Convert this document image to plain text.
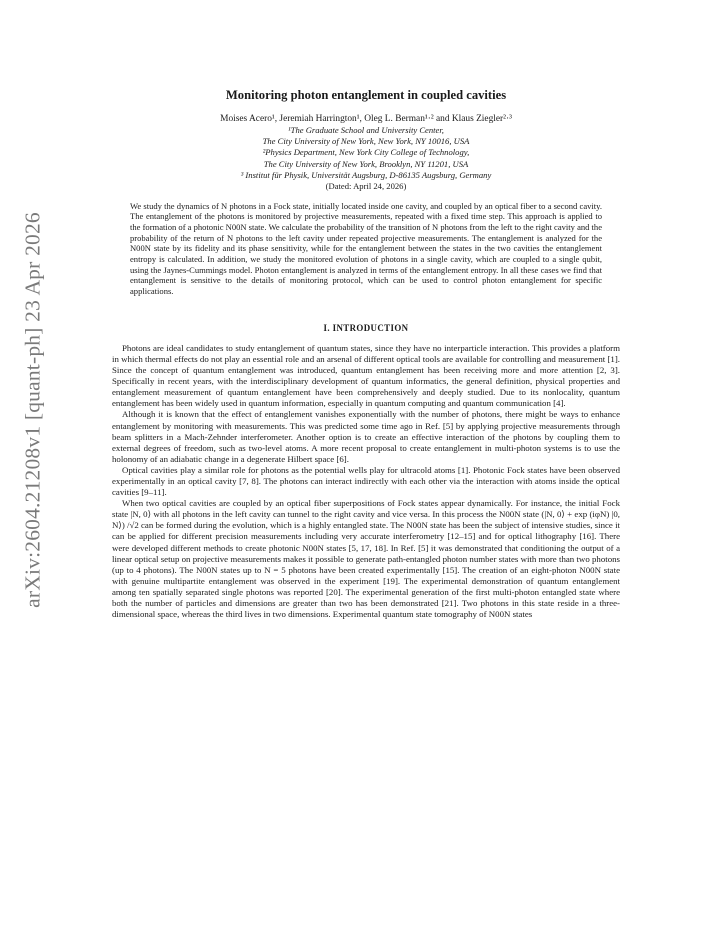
arXiv:2604.21208v1 [quant-ph] 23 Apr 2026
Monitoring photon entanglement in coupled cavities
Moises Acero¹, Jeremiah Harrington¹, Oleg L. Berman¹·² and Klaus Ziegler²·³
¹The Graduate School and University Center,
The City University of New York, New York, NY 10016, USA
²Physics Department, New York City College of Technology,
The City University of New York, Brooklyn, NY 11201, USA
³ Institut für Physik, Universität Augsburg, D-86135 Augsburg, Germany
(Dated: April 24, 2026)
We study the dynamics of N photons in a Fock state, initially located inside one cavity, and coupled by an optical fiber to a second cavity. The entanglement of the photons is monitored by projective measurements, repeated with a fixed time step. This approach is applied to the formation of a photonic N00N state. We calculate the probability of the transition of N photons from the left to the right cavity and the probability of the return of N photons to the left cavity under repeated projective measurements. The entanglement is analyzed for the N00N state by its fidelity and its phase sensitivity, while for the entanglement between the states in the two cavities the entanglement entropy is calculated. In addition, we study the monitored evolution of photons in a single cavity, which are coupled to a single qubit, using the Jaynes-Cummings model. Photon entanglement is analyzed in terms of the entanglement entropy. In all these cases we find that entanglement is sensitive to the details of monitoring protocol, which can be used to control photon entanglement for specific applications.
I. INTRODUCTION

Photons are ideal candidates to study entanglement of quantum states, since they have no interparticle interaction. This provides a platform in which thermal effects do not play an essential role and an arsenal of different optical tools are available for controlling and measurement [1]. Since the concept of quantum entanglement was introduced, quantum entanglement has been receiving more and more attention [2, 3]. Specifically in recent years, with the interdisciplinary development of quantum informatics, the general definition, physical properties and entanglement measurement of quantum entanglement have been comprehensively and deeply studied. Due to its nonlocality, quantum entanglement has been widely used in quantum information, especially in quantum computing and quantum communication [4].

Although it is known that the effect of entanglement vanishes exponentially with the number of photons, there might be ways to enhance entanglement by monitoring with measurements. This was predicted some time ago in Ref. [5] by applying projective measurements through beam splitters in a Mach-Zehnder interferometer. Another option is to create an effective interaction of the photons by coupling them to external degrees of freedom, such as two-level atoms. A more recent proposal to create entanglement in multi-photon systems is to use the holonomy of an adiabatic change in a degenerate Hilbert space [6].

Optical cavities play a similar role for photons as the potential wells play for ultracold atoms [1]. Photonic Fock states have been observed experimentally in an optical cavity [7, 8]. The photons can interact indirectly with each other via the interaction with atoms inside the optical cavities [9–11].

When two optical cavities are coupled by an optical fiber superpositions of Fock states appear dynamically. For instance, the initial Fock state |N, 0⟩ with all photons in the left cavity can tunnel to the right cavity and vice versa. In this process the N00N state (|N, 0⟩ + exp (iφN) |0, N⟩) /√2 can be formed during the evolution, which is a highly entangled state. The N00N state has been the subject of intensive studies, since it can be applied for different precision measurements including very accurate interferometry [12–15] and for optical lithography [16]. There were developed different methods to create photonic N00N states [5, 17, 18]. In Ref. [5] it was demonstrated that conditioning the output of a linear optical setup on projective measurements makes it possible to generate path-entangled photon number states with more than two photons (up to 4 photons). The N00N states up to N = 5 photons have been created experimentally [15]. The creation of an eight-photon N00N state with genuine multipartite entanglement was observed in the experiment [19]. The experimental demonstration of quantum entanglement among ten spatially separated single photons was reported [20]. The experimental generation of the first multi-photon entangled state where both the number of particles and dimensions are greater than two has been demonstrated [21]. Two photons in this state reside in a three-dimensional space, whereas the third lives in two dimensions. Experimental quantum state tomography of N00N states
